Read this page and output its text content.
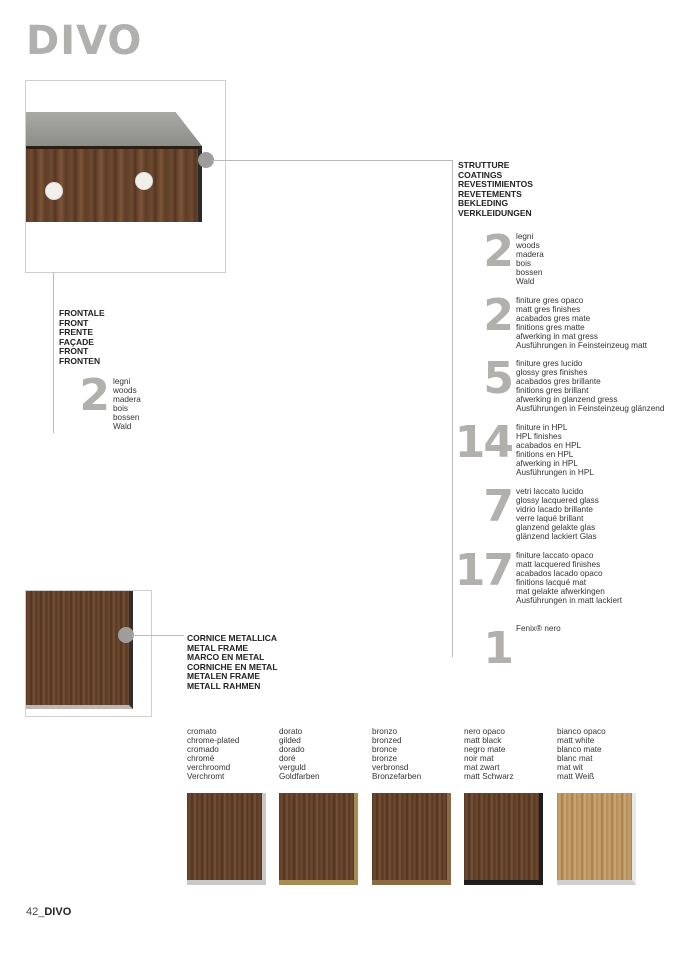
DIVO
STRUTTURE
COATINGS
REVESTIMIENTOS
REVETEMENTS
BEKLEDING
VERKLEIDUNGEN
2 legni
woods
madera
bois
bossen
Wald
2 finiture gres opaco
matt gres finishes
acabados gres mate
finitions gres matte
afwerking in mat gress
Ausführungen in Feinsteinzeug matt
5 finiture gres lucido
glossy gres finishes
acabados gres brillante
finitions gres brillant
afwerking in glanzend gress
Ausführungen in Feinsteinzeug glänzend
14 finiture in HPL
HPL finishes
acabados en HPL
finitions en HPL
afwerking in HPL
Ausführungen in HPL
7 vetri laccato lucido
glossy lacquered glass
vidrio lacado brillante
verre laqué brillant
glanzend gelakte glas
glänzend lackiert Glas
17 finiture laccato opaco
matt lacquered finishes
acabados lacado opaco
finitions lacqué mat
mat gelakte afwerkingen
Ausführungen in matt lackiert
1 Fenix® nero
FRONTALE
FRONT
FRENTE
FAÇADE
FRONT
FRONTEN
2 legni
woods
madera
bois
bossen
Wald
CORNICE METALLICA
METAL FRAME
MARCO EN METAL
CORNICHE EN METAL
METALEN FRAME
METALL RAHMEN
cromato
chrome-plated
cromado
chromé
verchroomd
Verchromt
dorato
gilded
dorado
doré
verguld
Goldfarben
bronzo
bronzed
bronce
bronze
verbronsd
Bronzefarben
nero opaco
matt black
negro mate
noir mat
mat zwart
matt Schwarz
bianco opaco
matt white
blanco mate
blanc mat
mat wit
matt Weiß
42_DIVO
